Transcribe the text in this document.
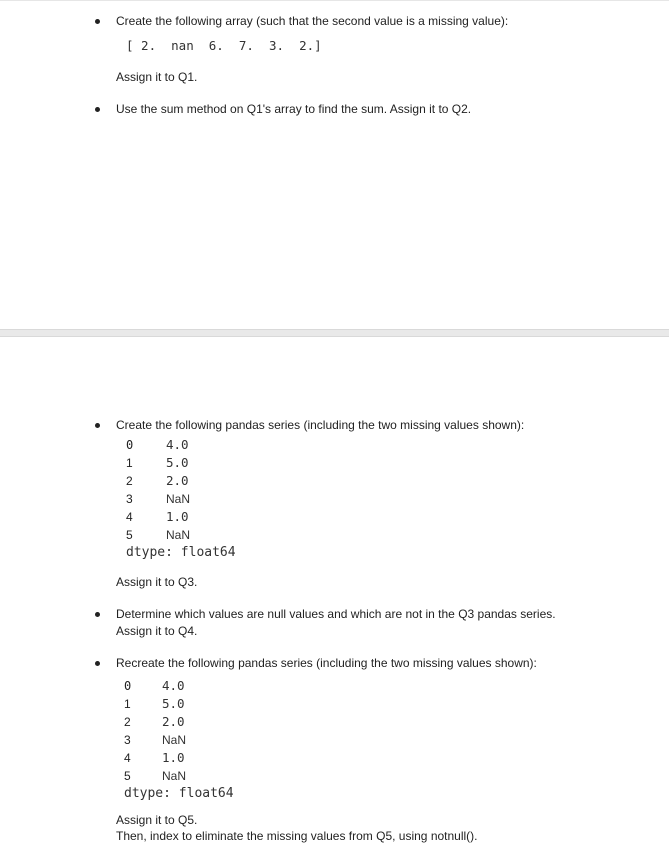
Create the following array (such that the second value is a missing value):
[ 2.  nan  6.  7.  3.  2.]
Assign it to Q1.
Use the sum method on Q1's array to find the sum. Assign it to Q2.
Create the following pandas series (including the two missing values shown):
0	4.0
1	5.0
2	2.0
3	NaN
4	1.0
5	NaN
dtype: float64
Assign it to Q3.
Determine which values are null values and which are not in the Q3 pandas series.
Assign it to Q4.
Recreate the following pandas series (including the two missing values shown):
0 4.0
1	5.0
2	2.0
3	NaN
4	1.0
5	NaN
dtype: float64
Assign it to Q5.
Then, index to eliminate the missing values from Q5, using notnull().
